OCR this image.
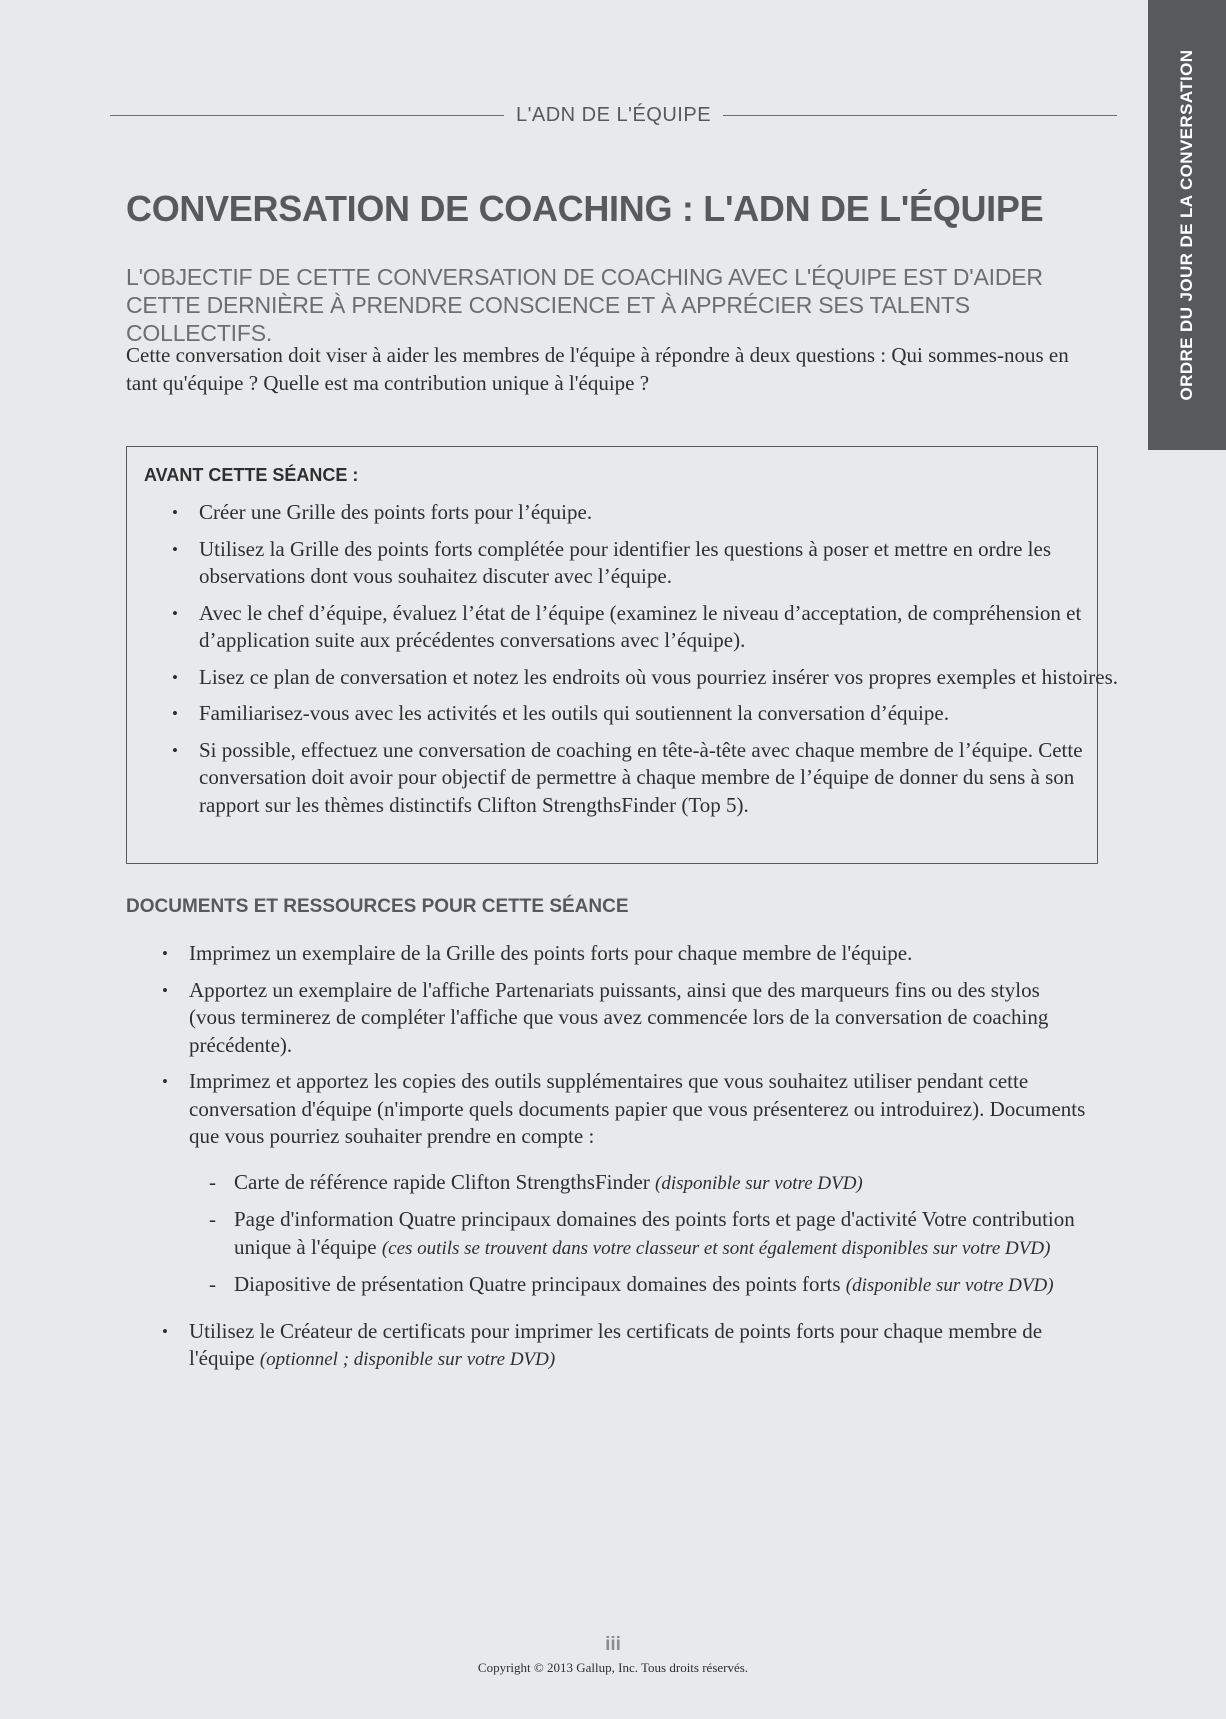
ORDRE DU JOUR DE LA CONVERSATION
L'ADN DE L'ÉQUIPE
CONVERSATION DE COACHING : L'ADN DE L'ÉQUIPE

L'OBJECTIF DE CETTE CONVERSATION DE COACHING AVEC L'ÉQUIPE EST D'AIDER
CETTE DERNIÈRE À PRENDRE CONSCIENCE ET À APPRÉCIER SES TALENTS COLLECTIFS.

Cette conversation doit viser à aider les membres de l'équipe à répondre à deux questions : Qui sommes-nous en tant qu'équipe ? Quelle est ma contribution unique à l'équipe ?

AVANT CETTE SÉANCE :
• Créer une Grille des points forts pour l’équipe.
• Utilisez la Grille des points forts complétée pour identifier les questions à poser et mettre en ordre les observations dont vous souhaitez discuter avec l’équipe.
• Avec le chef d’équipe, évaluez l’état de l’équipe (examinez le niveau d’acceptation, de compréhension et d’application suite aux précédentes conversations avec l’équipe).
• Lisez ce plan de conversation et notez les endroits où vous pourriez insérer vos propres exemples et histoires.
• Familiarisez-vous avec les activités et les outils qui soutiennent la conversation d’équipe.
• Si possible, effectuez une conversation de coaching en tête-à-tête avec chaque membre de l’équipe. Cette conversation doit avoir pour objectif de permettre à chaque membre de l’équipe de donner du sens à son rapport sur les thèmes distinctifs Clifton StrengthsFinder (Top 5).
DOCUMENTS ET RESSOURCES POUR CETTE SÉANCE
• Imprimez un exemplaire de la Grille des points forts pour chaque membre de l'équipe.
• Apportez un exemplaire de l'affiche Partenariats puissants, ainsi que des marqueurs fins ou des stylos (vous terminerez de compléter l'affiche que vous avez commencée lors de la conversation de coaching précédente).
• Imprimez et apportez les copies des outils supplémentaires que vous souhaitez utiliser pendant cette conversation d'équipe (n'importe quels documents papier que vous présenterez ou introduirez). Documents que vous pourriez souhaiter prendre en compte :
- Carte de référence rapide Clifton StrengthsFinder (disponible sur votre DVD)
- Page d'information Quatre principaux domaines des points forts et page d'activité Votre contribution unique à l'équipe (ces outils se trouvent dans votre classeur et sont également disponibles sur votre DVD)
- Diapositive de présentation Quatre principaux domaines des points forts (disponible sur votre DVD)
• Utilisez le Créateur de certificats pour imprimer les certificats de points forts pour chaque membre de l'équipe (optionnel ; disponible sur votre DVD)
iii
Copyright © 2013 Gallup, Inc. Tous droits réservés.
